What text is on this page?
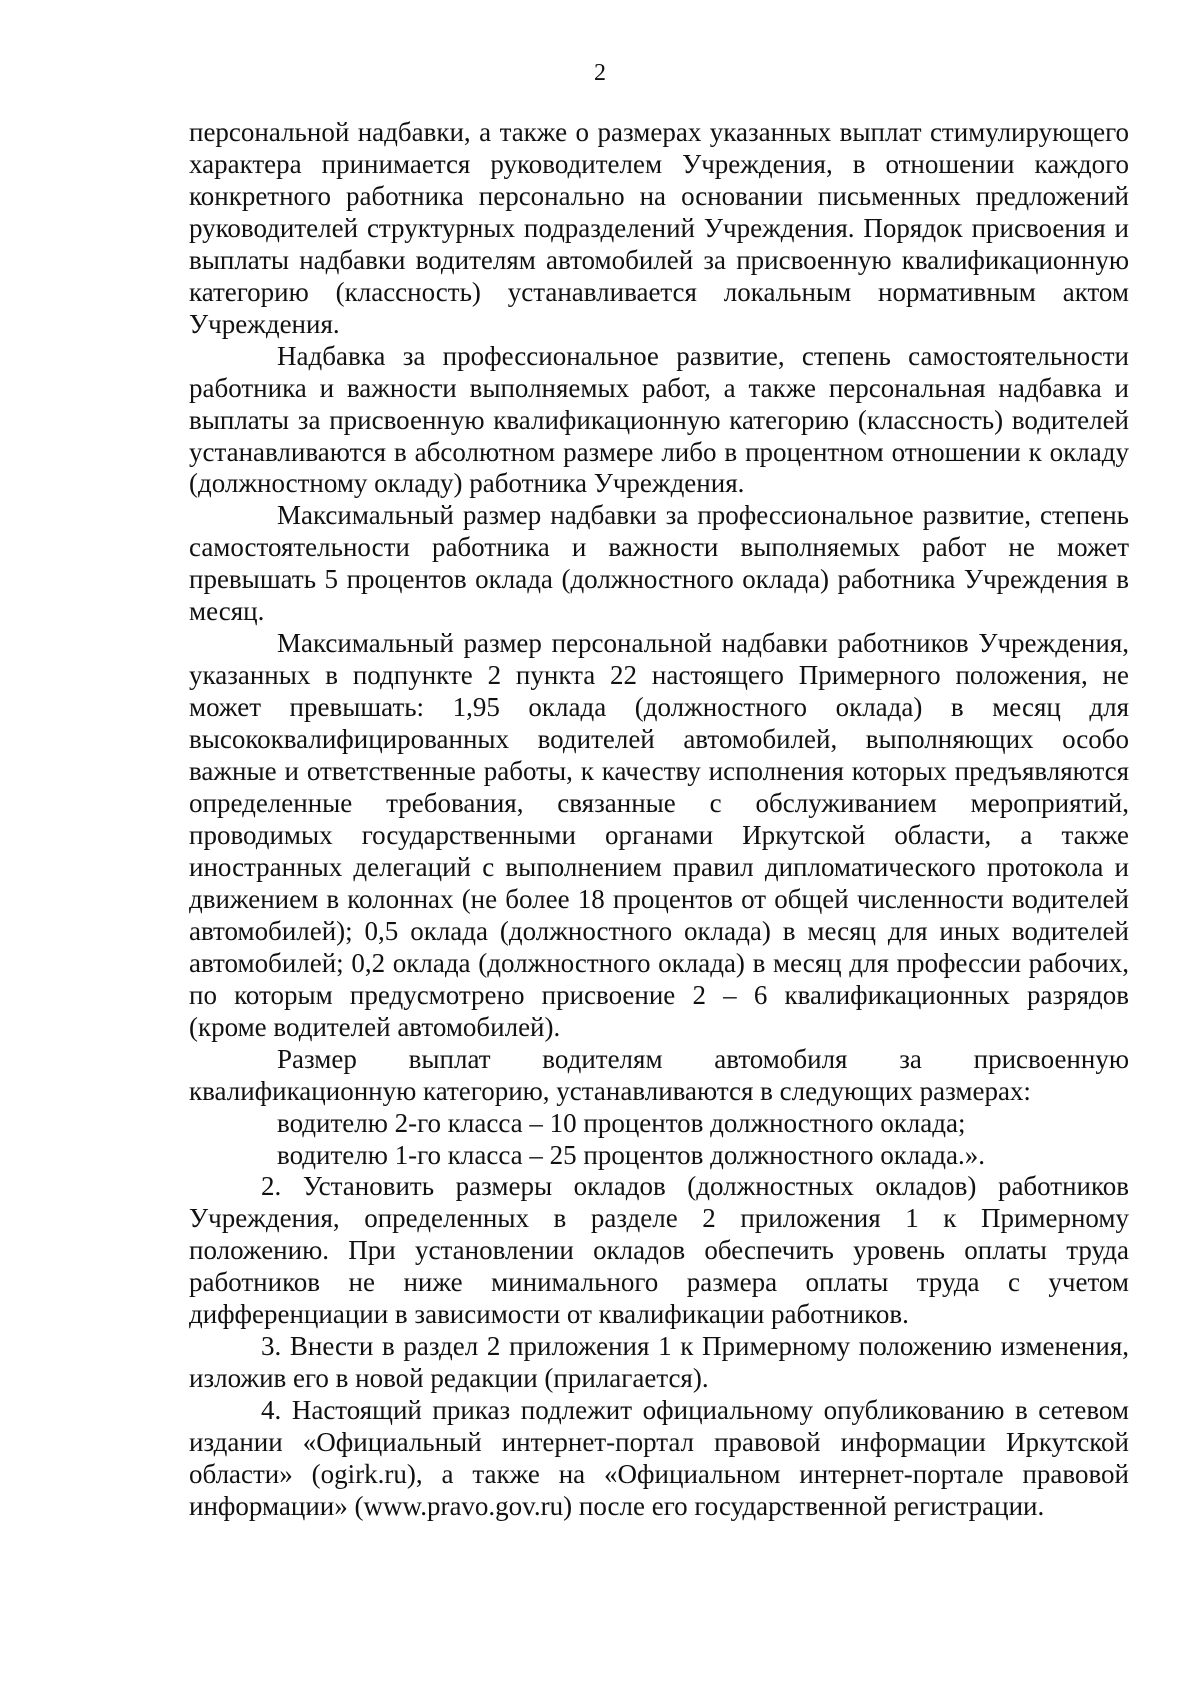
2

персональной надбавки, а также о размерах указанных выплат стимулирующего характера принимается руководителем Учреждения, в отношении каждого конкретного работника персонально на основании письменных предложений руководителей структурных подразделений Учреждения. Порядок присвоения и выплаты надбавки водителям автомобилей за присвоенную квалификационную категорию (классность) устанавливается локальным нормативным актом Учреждения.

Надбавка за профессиональное развитие, степень самостоятельности работника и важности выполняемых работ, а также персональная надбавка и выплаты за присвоенную квалификационную категорию (классность) водителей устанавливаются в абсолютном размере либо в процентном отношении к окладу (должностному окладу) работника Учреждения.

Максимальный размер надбавки за профессиональное развитие, степень самостоятельности работника и важности выполняемых работ не может превышать 5 процентов оклада (должностного оклада) работника Учреждения в месяц.

Максимальный размер персональной надбавки работников Учреждения, указанных в подпункте 2 пункта 22 настоящего Примерного положения, не может превышать: 1,95 оклада (должностного оклада) в месяц для высококвалифицированных водителей автомобилей, выполняющих особо важные и ответственные работы, к качеству исполнения которых предъявляются определенные требования, связанные с обслуживанием мероприятий, проводимых государственными органами Иркутской области, а также иностранных делегаций с выполнением правил дипломатического протокола и движением в колоннах (не более 18 процентов от общей численности водителей автомобилей); 0,5 оклада (должностного оклада) в месяц для иных водителей автомобилей; 0,2 оклада (должностного оклада) в месяц для профессии рабочих, по которым предусмотрено присвоение 2 – 6 квалификационных разрядов (кроме водителей автомобилей).

Размер выплат водителям автомобиля за присвоенную квалификационную категорию, устанавливаются в следующих размерах:

водителю 2-го класса – 10 процентов должностного оклада;

водителю 1-го класса – 25 процентов должностного оклада.».

2. Установить размеры окладов (должностных окладов) работников Учреждения, определенных в разделе 2 приложения 1 к Примерному положению. При установлении окладов обеспечить уровень оплаты труда работников не ниже минимального размера оплаты труда с учетом дифференциации в зависимости от квалификации работников.

3. Внести в раздел 2 приложения 1 к Примерному положению изменения, изложив его в новой редакции (прилагается).

4. Настоящий приказ подлежит официальному опубликованию в сетевом издании «Официальный интернет-портал правовой информации Иркутской области» (ogirk.ru), а также на «Официальном интернет-портале правовой информации» (www.pravo.gov.ru) после его государственной регистрации.
